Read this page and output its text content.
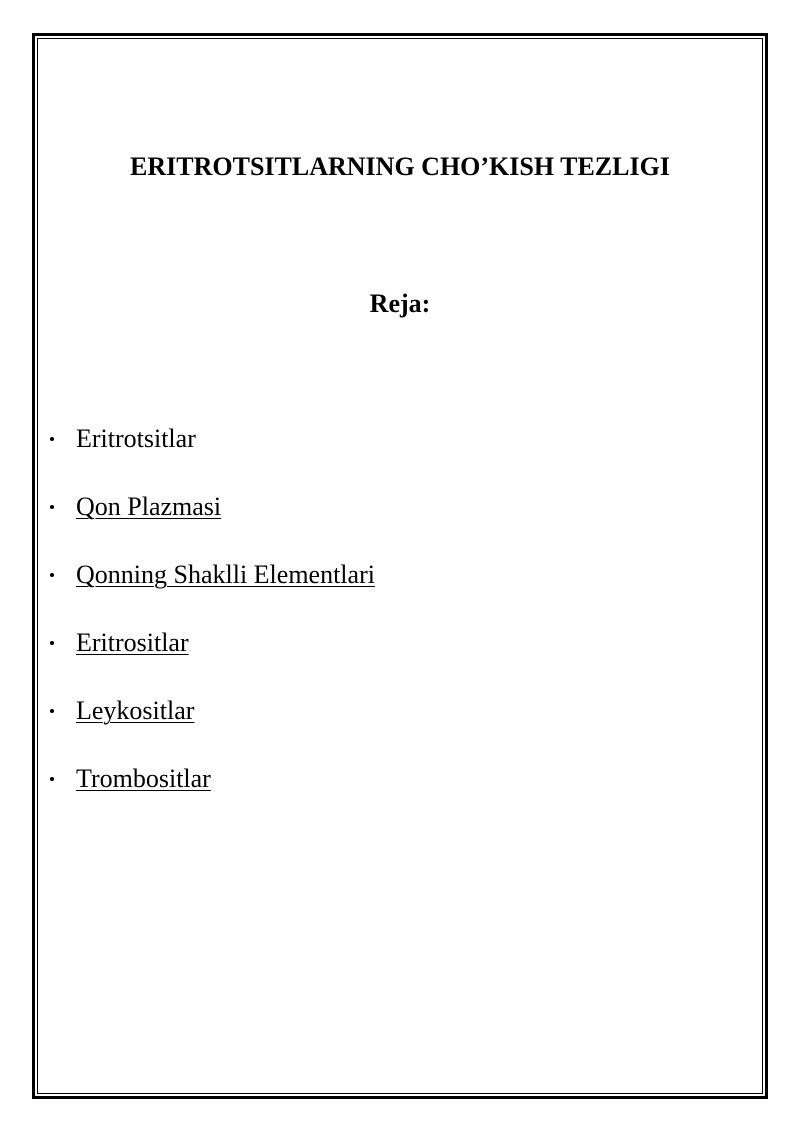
ERITROTSITLARNING CHO’KISH TEZLIGI
Reja:
Eritrotsitlar
Qon Plazmasi
Qonning Shaklli Elementlari
Eritrositlar
Leykositlar
Trombositlar
